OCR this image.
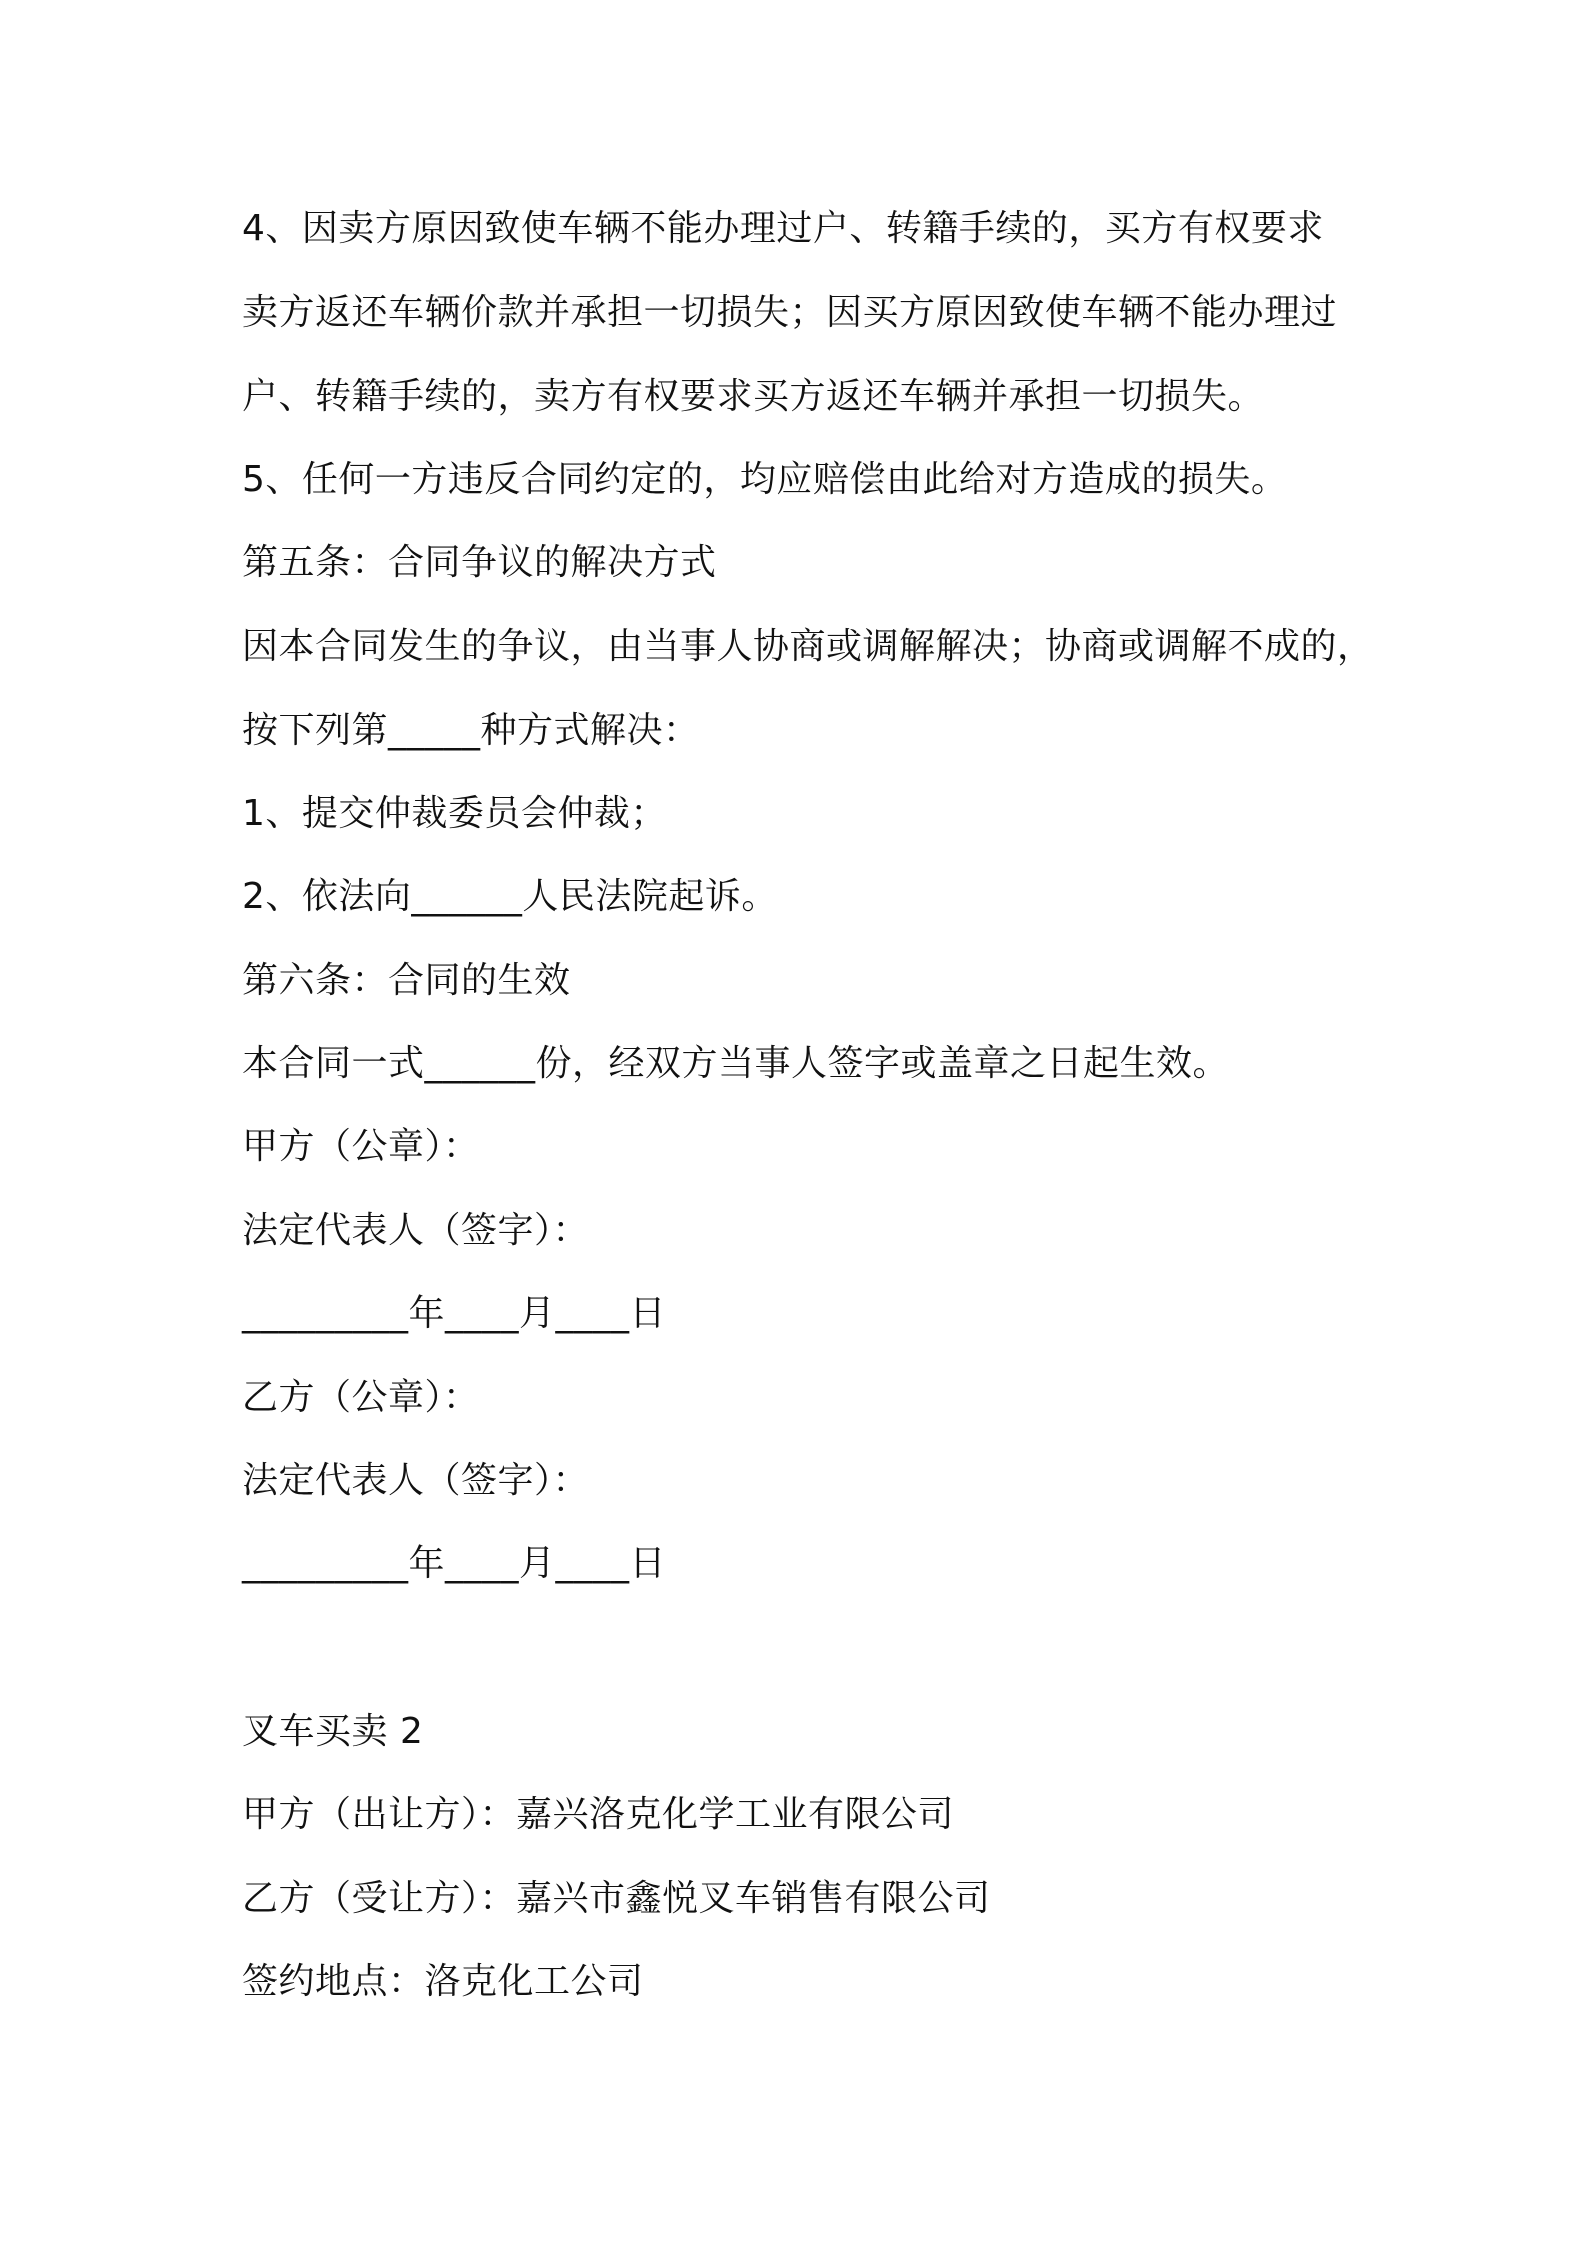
4、因卖方原因致使车辆不能办理过户、转籍手续的，买方有权要求

卖方返还车辆价款并承担一切损失；因买方原因致使车辆不能办理过

户、转籍手续的，卖方有权要求买方返还车辆并承担一切损失。

5、任何一方违反合同约定的，均应赔偿由此给对方造成的损失。

第五条：合同争议的解决方式

因本合同发生的争议，由当事人协商或调解解决；协商或调解不成的，

按下列第_____种方式解决：

1、提交仲裁委员会仲裁；

2、依法向______人民法院起诉。

第六条：合同的生效

本合同一式______份，经双方当事人签字或盖章之日起生效。

甲方（公章）：

法定代表人（签字）：

_________年____月____日

乙方（公章）：

法定代表人（签字）：

_________年____月____日

叉车买卖 2

甲方（出让方）：嘉兴洛克化学工业有限公司

乙方（受让方）：嘉兴市鑫悦叉车销售有限公司

签约地点：洛克化工公司
